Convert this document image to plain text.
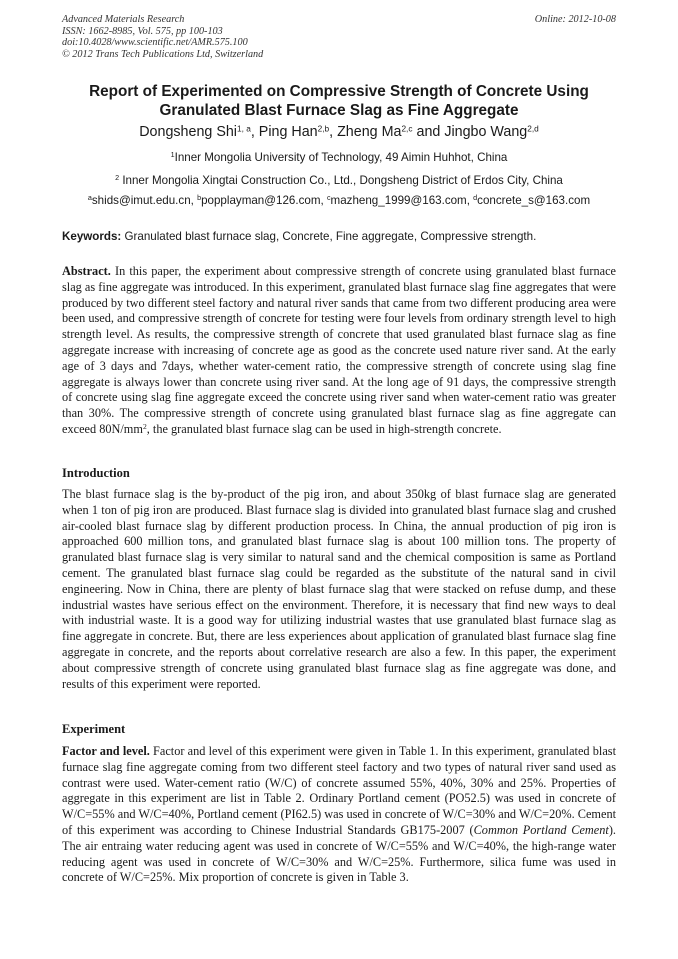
Advanced Materials Research
ISSN: 1662-8985, Vol. 575, pp 100-103
doi:10.4028/www.scientific.net/AMR.575.100
© 2012 Trans Tech Publications Ltd, Switzerland
Online: 2012-10-08
Report of Experimented on Compressive Strength of Concrete Using
Granulated Blast Furnace Slag as Fine Aggregate
Dongsheng Shi$^{1, a}$, Ping Han$^{2,b}$, Zheng Ma$^{2,c}$ and Jingbo Wang$^{2,d}$
$^1$Inner Mongolia University of Technology, 49 Aimin Huhhot, China
$^2$ Inner Mongolia Xingtai Construction Co., Ltd., Dongsheng District of Erdos City, China
$^a$shids@imut.edu.cn, $^b$popplayman@126.com, $^c$mazheng_1999@163.com, $^d$concrete_s@163.com
Keywords: Granulated blast furnace slag, Concrete, Fine aggregate, Compressive strength.

Abstract. In this paper, the experiment about compressive strength of concrete using granulated blast furnace slag as fine aggregate was introduced. In this experiment, granulated blast furnace slag fine aggregates that were produced by two different steel factory and natural river sands that came from two different producing area were been used, and compressive strength of concrete for testing were four levels from ordinary strength level to high strength level. As results, the compressive strength of concrete that used granulated blast furnace slag as fine aggregate increase with increasing of concrete age as good as the concrete used nature river sand. At the early age of 3 days and 7days, whether water-cement ratio, the compressive strength of concrete using slag fine aggregate is always lower than concrete using river sand. At the long age of 91 days, the compressive strength of concrete using slag fine aggregate exceed the concrete using river sand when water-cement ratio was greater than 30%. The compressive strength of concrete using granulated blast furnace slag as fine aggregate can exceed $80N/mm^2$, the granulated blast furnace slag can be used in high-strength concrete.

Introduction

The blast furnace slag is the by-product of the pig iron, and about 350kg of blast furnace slag are generated when 1 ton of pig iron are produced. Blast furnace slag is divided into granulated blast furnace slag and crushed air-cooled blast furnace slag by different production process. In China, the annual production of pig iron is approached 600 million tons, and granulated blast furnace slag is about 100 million tons. The property of granulated blast furnace slag is very similar to natural sand and the chemical composition is same as Portland cement. The granulated blast furnace slag could be regarded as the substitute of the natural sand in civil engineering. Now in China, there are plenty of blast furnace slag that were stacked on refuse dump, and these industrial wastes have serious effect on the environment. Therefore, it is necessary that find new ways to deal with industrial waste. It is a good way for utilizing industrial wastes that use granulated blast furnace slag as fine aggregate in concrete. But, there are less experiences about application of granulated blast furnace slag fine aggregate in concrete, and the reports about correlative research are also a few. In this paper, the experiment about compressive strength of concrete using granulated blast furnace slag as fine aggregate was done, and results of this experiment were reported.

Experiment

Factor and level. Factor and level of this experiment were given in Table 1. In this experiment, granulated blast furnace slag fine aggregate coming from two different steel factory and two types of natural river sand used as contrast were used. Water-cement ratio (W/C) of concrete assumed 55%, 40%, 30% and 25%. Properties of aggregate in this experiment are list in Table 2. Ordinary Portland cement (PO52.5) was used in concrete of W/C=55% and W/C=40%, Portland cement (PI62.5) was used in concrete of W/C=30% and W/C=20%. Cement of this experiment was according to Chinese Industrial Standards GB175-2007 (Common Portland Cement). The air entraing water reducing agent was used in concrete of W/C=55% and W/C=40%, the high-range water reducing agent was used in concrete of W/C=30% and W/C=25%. Furthermore, silica fume was used in concrete of W/C=25%. Mix proportion of concrete is given in Table 3.
